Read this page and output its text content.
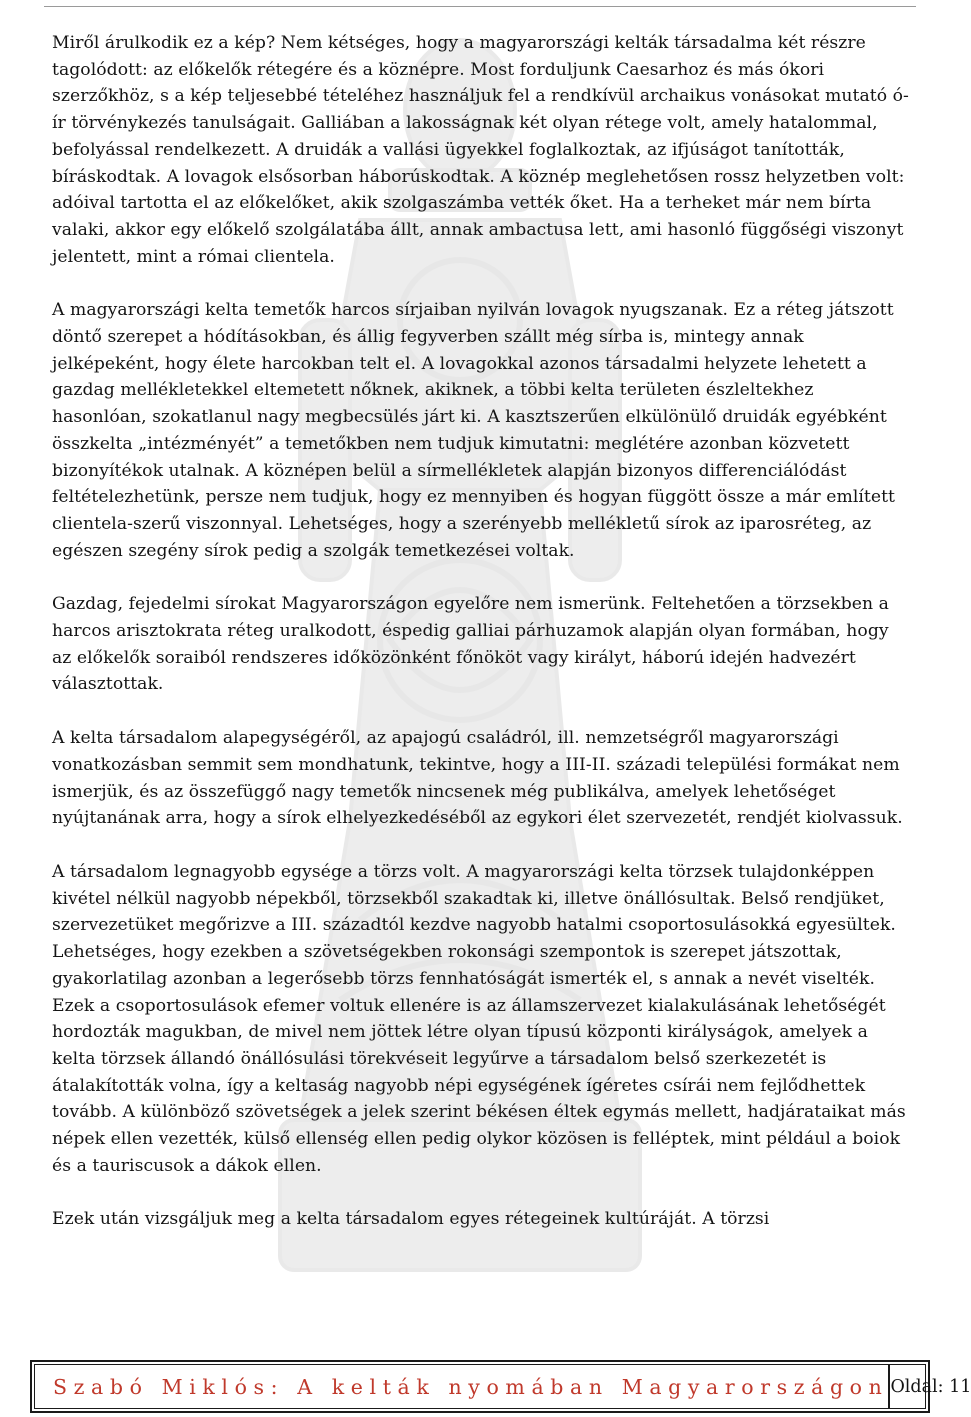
Miről árulkodik ez a kép? Nem kétséges, hogy a magyarországi kelták társadalma két részre tagolódott: az előkelők rétegére és a köznépre. Most forduljunk Caesarhoz és más ókori szerzőkhöz, s a kép teljesebbé tételéhez használjuk fel a rendkívül archaikus vonásokat mutató ó-ír törvénykezés tanulságait. Galliában a lakosságnak két olyan rétege volt, amely hatalommal, befolyással rendelkezett. A druidák a vallási ügyekkel foglalkoztak, az ifjúságot tanították, bíráskodtak. A lovagok elsősorban háborúskodtak. A köznép meglehetősen rossz helyzetben volt: adóival tartotta el az előkelőket, akik szolgaszámba vették őket. Ha a terheket már nem bírta valaki, akkor egy előkelő szolgálatába állt, annak ambactusa lett, ami hasonló függőségi viszonyt jelentett, mint a római clientela.

A magyarországi kelta temetők harcos sírjaiban nyilván lovagok nyugszanak. Ez a réteg játszott döntő szerepet a hódításokban, és állig fegyverben szállt még sírba is, mintegy annak jelképeként, hogy élete harcokban telt el. A lovagokkal azonos társadalmi helyzete lehetett a gazdag mellékletekkel eltemetett nőknek, akiknek, a többi kelta területen észleltekhez hasonlóan, szokatlanul nagy megbecsülés járt ki. A kasztszerűen elkülönülő druidák egyébként összkelta „intézményét” a temetőkben nem tudjuk kimutatni: meglétére azonban közvetett bizonyítékok utalnak. A köznépen belül a sírmellékletek alapján bizonyos differenciálódást feltételezhetünk, persze nem tudjuk, hogy ez mennyiben és hogyan függött össze a már említett clientela-szerű viszonnyal. Lehetséges, hogy a szerényebb mellékletű sírok az iparosréteg, az egészen szegény sírok pedig a szolgák temetkezései voltak.

Gazdag, fejedelmi sírokat Magyarországon egyelőre nem ismerünk. Feltehetően a törzsekben a harcos arisztokrata réteg uralkodott, éspedig galliai párhuzamok alapján olyan formában, hogy az előkelők soraiból rendszeres időközönként főnököt vagy királyt, háború idején hadvezért választottak.

A kelta társadalom alapegységéről, az apajogú családról, ill. nemzetségről magyarországi vonatkozásban semmit sem mondhatunk, tekintve, hogy a III-II. századi települési formákat nem ismerjük, és az összefüggő nagy temetők nincsenek még publikálva, amelyek lehetőséget nyújtanának arra, hogy a sírok elhelyezkedéséből az egykori élet szervezetét, rendjét kiolvassuk.

A társadalom legnagyobb egysége a törzs volt. A magyarországi kelta törzsek tulajdonképpen kivétel nélkül nagyobb népekből, törzsekből szakadtak ki, illetve önállósultak. Belső rendjüket, szervezetüket megőrizve a III. századtól kezdve nagyobb hatalmi csoportosulásokká egyesültek. Lehetséges, hogy ezekben a szövetségekben rokonsági szempontok is szerepet játszottak, gyakorlatilag azonban a legerősebb törzs fennhatóságát ismerték el, s annak a nevét viselték. Ezek a csoportosulások efemer voltuk ellenére is az államszervezet kialakulásának lehetőségét hordozták magukban, de mivel nem jöttek létre olyan típusú központi királyságok, amelyek a kelta törzsek állandó önállósulási törekvéseit legyűrve a társadalom belső szerkezetét is átalakították volna, így a keltaság nagyobb népi egységének ígéretes csírái nem fejlődhettek tovább. A különböző szövetségek a jelek szerint békésen éltek egymás mellett, hadjárataikat más népek ellen vezették, külső ellenség ellen pedig olykor közösen is felléptek, mint például a boiok és a tauriscusok a dákok ellen.

Ezek után vizsgáljuk meg a kelta társadalom egyes rétegeinek kultúráját. A törzsi

Szabó Miklós: A kelták nyomában Magyarországon Oldal: 11
